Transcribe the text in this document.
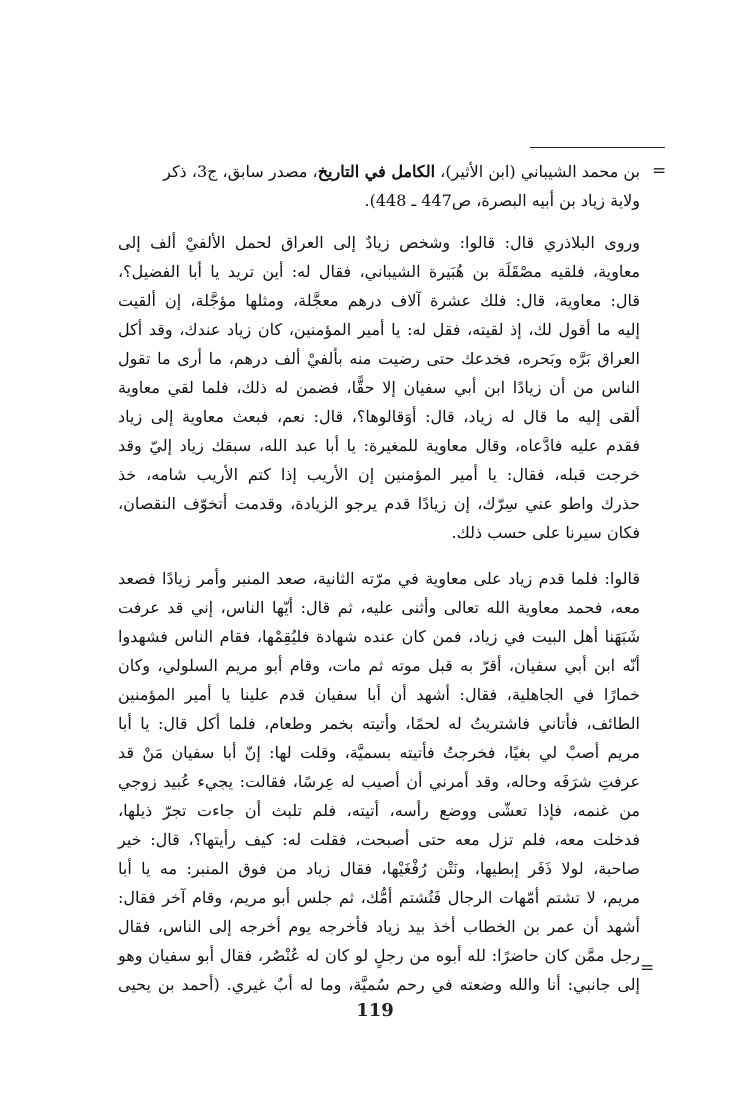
=
بن محمد الشيباني (ابن الأثير)، الكامل في التاريخ، مصدر سابق، ج3، ذكر
ولاية زياد بن أبيه البصرة، ص447 ـ 448).
وروى البلاذري قال: قالوا: وشخص زيادٌ إلى العراق لحمل الألفيْ ألف إلى
معاوية، فلقيه مصْقَلَة بن هُبَيرة الشيباني، فقال له: أين تريد يا أبا الفضيل؟،
قال: معاوية، قال: فلك عشرة آلاف درهم معجَّلة، ومثلها مؤجَّلة، إن ألقيت
إليه ما أقول لك، إذ لقيته، فقل له: يا أمير المؤمنين، كان زياد عندك، وقد أكل
العراق بَرَّه وبَحره، فخدعك حتى رضيت منه بألفيْ ألف درهم، ما أرى ما تقول
الناس من أن زيادًا ابن أبي سفيان إلا حقًّا، فضمن له ذلك، فلما لقي معاوية
ألقى إليه ما قال له زياد، قال: أوَقالوها؟، قال: نعم، فبعث معاوية إلى زياد
فقدم عليه فادَّعاه، وقال معاوية للمغيرة: يا أبا عبد الله، سبقك زياد إليّ وقد
خرجت قبله، فقال: يا أمير المؤمنين إن الأريب إذا كتم الأريب شامه، خذ
حذرك واطو عني سِرّك، إن زيادًا قدم يرجو الزيادة، وقدمت أتخوّف النقصان،
فكان سيرنا على حسب ذلك.
قالوا: فلما قدم زياد على معاوية في مرّته الثانية، صعد المنبر وأمر زيادًا فصعد
معه، فحمد معاوية الله تعالى وأثنى عليه، ثم قال: أيّها الناس، إني قد عرفت
شَبَهَنا أهل البيت في زياد، فمن كان عنده شهادة فليُقِمْها، فقام الناس فشهدوا
أنّه ابن أبي سفيان، أقرّ به قبل موته ثم مات، وقام أبو مريم السلولي، وكان
خمارًا في الجاهلية، فقال: أشهد أن أبا سفيان قدم علينا يا أمير المؤمنين
الطائف، فأتاني فاشتريتُ له لحمًا، وأتيته بخمر وطعام، فلما أكل قال: يا أبا
مريم أصبْ لي بغيًا، فخرجتُ فأتيته بسميَّة، وقلت لها: إنّ أبا سفيان مَنْ قد
عرفتِ شرَفَه وحاله، وقد أمرني أن أصيب له عِرسًا، فقالت: يجيء عُبيد زوجي
من غنمه، فإذا تعشّى ووضع رأسه، أتيته، فلم تلبث أن جاءت تجرّ ذيلها،
فدخلت معه، فلم تزل معه حتى أصبحت، فقلت له: كيف رأيتها؟، قال: خير
صاحبة، لولا ذَفَر إبطيها، ونَتْن رُفْغَيْها، فقال زياد من فوق المنبر: مه يا أبا
مريم، لا تشتم أمّهات الرجال فَتُشتم أمُّك، ثم جلس أبو مريم، وقام آخر فقال:
أشهد أن عمر بن الخطاب أخذ بيد زياد فأخرجه يوم أخرجه إلى الناس، فقال
رجل ممَّن كان حاضرًا: لله أبوه من رجلٍ لو كان له عُنْصُر، فقال أبو سفيان وهو
إلى جانبي: أنا والله وضعته في رحم سُميَّة، وما له أبٌ غيري. (أحمد بن يحيى
=
119
